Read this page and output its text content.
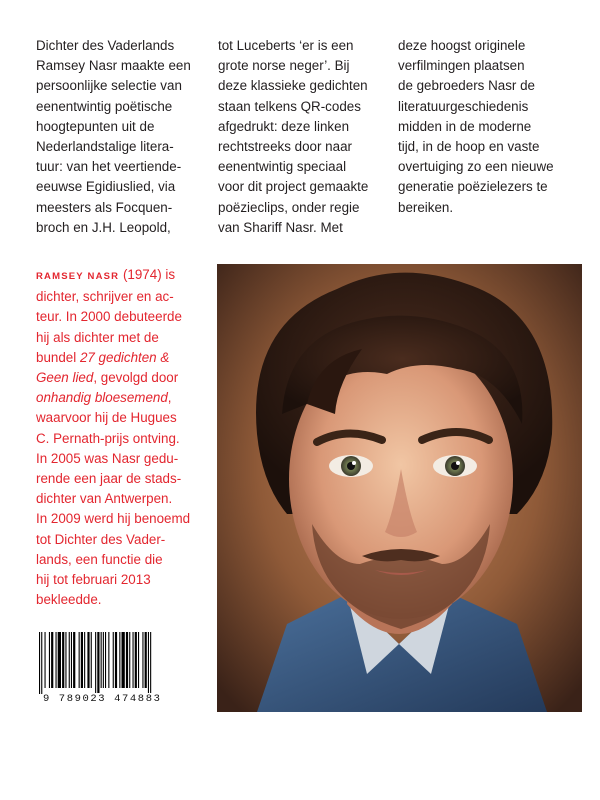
Dichter des Vaderlands
Ramsey Nasr maakte een
persoonlijke selectie van
eenentwintig poëtische
hoogtepunten uit de
Nederlandstalige litera-
tuur: van het veertiende-
eeuwse Egidiuslied, via
meesters als Focquen-
broch en J.H. Leopold,
tot Luceberts ‘er is een
grote norse neger’. Bij
deze klassieke gedichten
staan telkens QR-codes
afgedrukt: deze linken
rechtstreeks door naar
eenentwintig speciaal
voor dit project gemaakte
poëzieclips, onder regie
van Shariff Nasr. Met
deze hoogst originele
verfilmingen plaatsen
de gebroeders Nasr de
literatuurgeschiedenis
midden in de moderne
tijd, in de hoop en vaste
overtuiging zo een nieuwe
generatie poëzielezers te
bereiken.
RAMSEY NASR (1974) is
dichter, schrijver en ac-
teur. In 2000 debuteerde
hij als dichter met de
bundel 27 gedichten &
Geen lied, gevolgd door
onhandig bloesemend,
waarvoor hij de Hugues
C. Pernath-prijs ontving.
In 2005 was Nasr gedu-
rende een jaar de stads-
dichter van Antwerpen.
In 2009 werd hij benoemd
tot Dichter des Vader-
lands, een functie die
hij tot februari 2013
bekleedde.
9 789023 474883
